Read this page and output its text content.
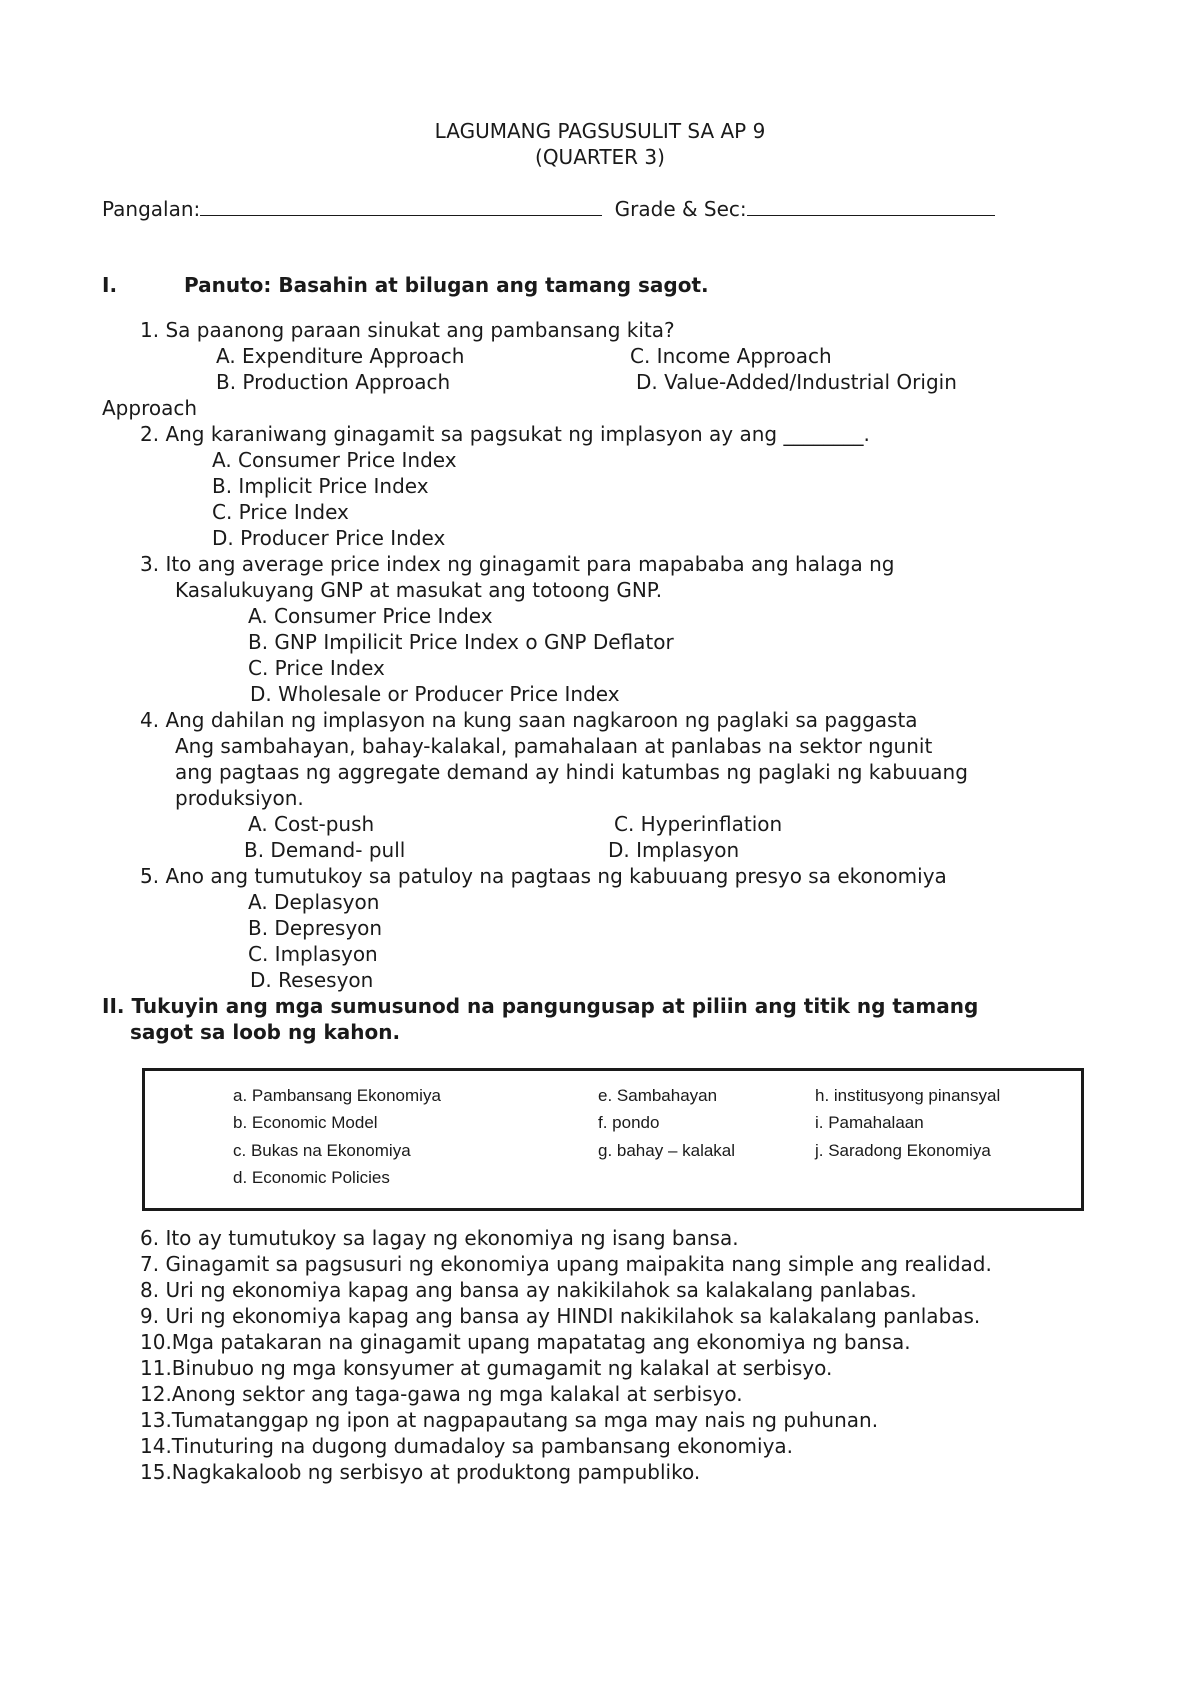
LAGUMANG PAGSUSULIT SA AP 9
(QUARTER 3)
Pangalan:	Grade & Sec:
I.	Panuto: Basahin at bilugan ang tamang sagot.
1. Sa paanong paraan sinukat ang pambansang kita?
A. Expenditure Approach	C. Income Approach
B. Production Approach	D. Value-Added/Industrial Origin
Approach
2. Ang karaniwang ginagamit sa pagsukat ng implasyon ay ang ________.
A. Consumer Price Index
B. Implicit Price Index
C. Price Index
D. Producer Price Index
3. Ito ang average price index ng ginagamit para mapababa ang halaga ng
Kasalukuyang GNP at masukat ang totoong GNP.
A. Consumer Price Index
B. GNP Impilicit Price Index o GNP Deflator
C. Price Index
D. Wholesale or Producer Price Index
4. Ang dahilan ng implasyon na kung saan nagkaroon ng paglaki sa paggasta
Ang sambahayan, bahay-kalakal, pamahalaan at panlabas na sektor ngunit
ang pagtaas ng aggregate demand ay hindi katumbas ng paglaki ng kabuuang
produksiyon.
A. Cost-push	C. Hyperinflation
B. Demand- pull	D. Implasyon
5. Ano ang tumutukoy sa patuloy na pagtaas ng kabuuang presyo sa ekonomiya
A. Deplasyon
B. Depresyon
C. Implasyon
D. Resesyon
II. Tukuyin ang mga sumusunod na pangungusap at piliin ang titik ng tamang
sagot sa loob ng kahon.
a. Pambansang Ekonomiya
b. Economic Model
c. Bukas na Ekonomiya
d. Economic Policies
e. Sambahayan
f. pondo
g. bahay – kalakal
h. institusyong pinansyal
i. Pamahalaan
j. Saradong Ekonomiya
6. Ito ay tumutukoy sa lagay ng ekonomiya ng isang bansa.
7. Ginagamit sa pagsusuri ng ekonomiya upang maipakita nang simple ang realidad.
8. Uri ng ekonomiya kapag ang bansa ay nakikilahok sa kalakalang panlabas.
9. Uri ng ekonomiya kapag ang bansa ay HINDI nakikilahok sa kalakalang panlabas.
10.Mga patakaran na ginagamit upang mapatatag ang ekonomiya ng bansa.
11.Binubuo ng mga konsyumer at gumagamit ng kalakal at serbisyo.
12.Anong sektor ang taga-gawa ng mga kalakal at serbisyo.
13.Tumatanggap ng ipon at nagpapautang sa mga may nais ng puhunan.
14.Tinuturing na dugong dumadaloy sa pambansang ekonomiya.
15.Nagkakaloob ng serbisyo at produktong pampubliko.
